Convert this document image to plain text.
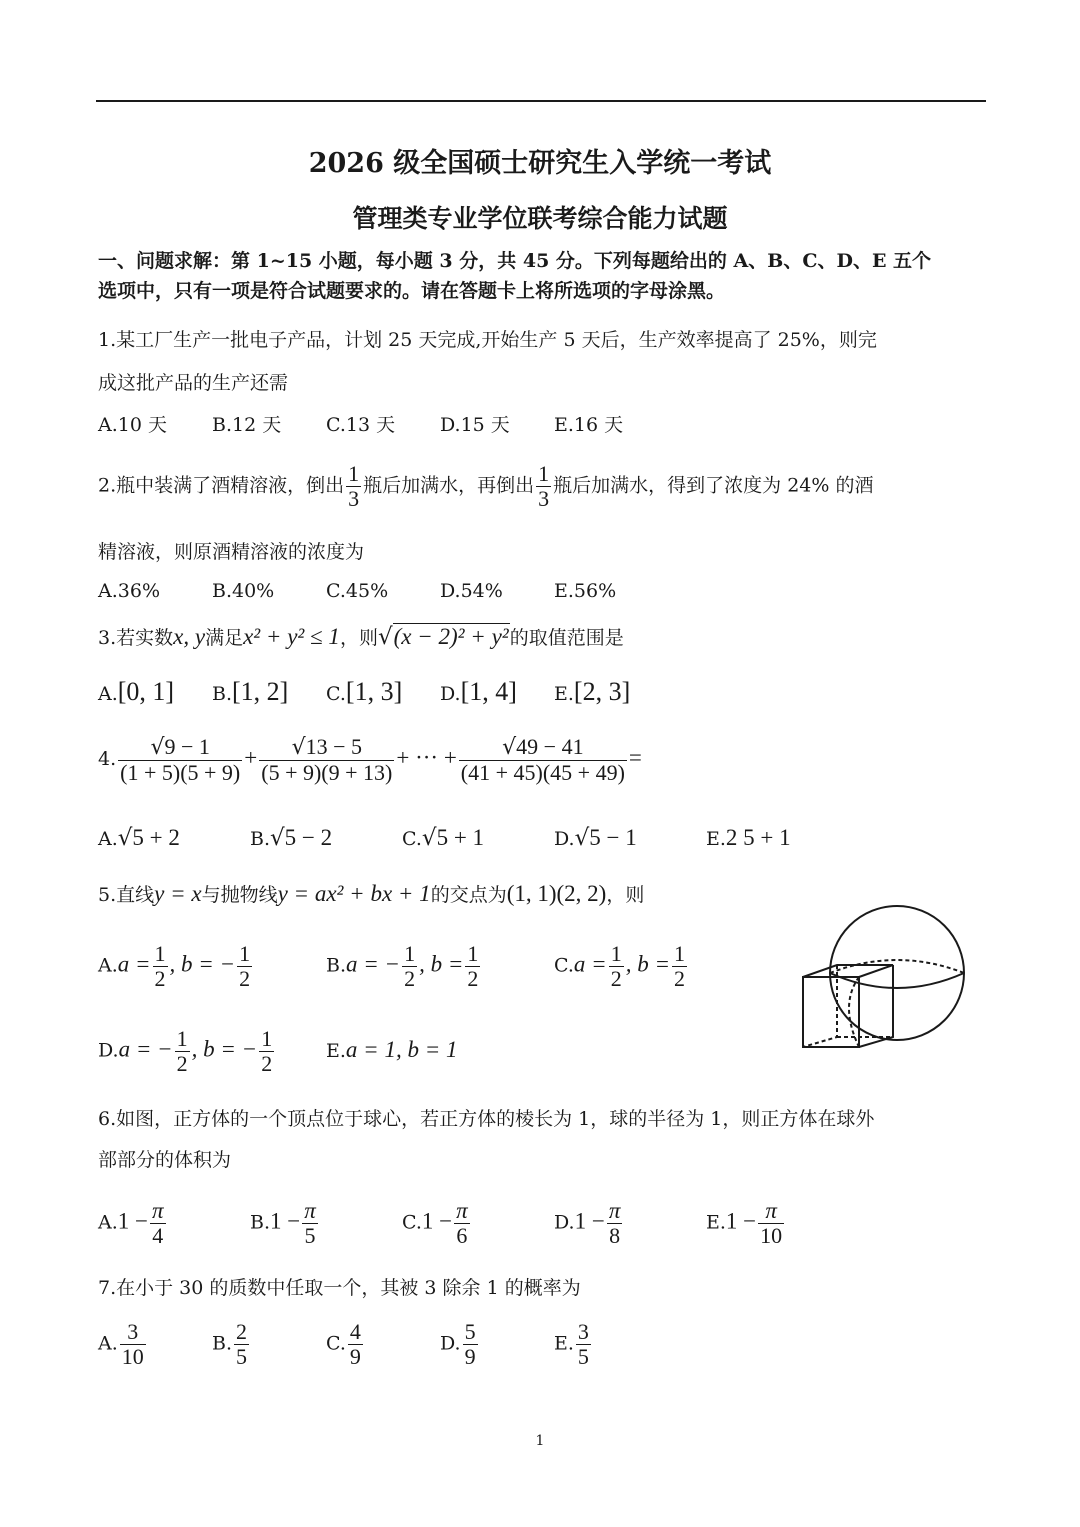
2026 级全国硕士研究生入学统一考试
管理类专业学位联考综合能力试题
一、问题求解：第 1~15 小题，每小题 3 分，共 45 分。下列每题给出的 A、B、C、D、E 五个
选项中，只有一项是符合试题要求的。请在答题卡上将所选项的字母涂黑。
1.某工厂生产一批电子产品，计划 25 天完成,开始生产 5 天后，生产效率提高了 25%，则完
成这批产品的生产还需
A.10 天 B.12 天 C.13 天 D.15 天 E.16 天
2.瓶中装满了酒精溶液，倒出 $\frac{1}{3}$ 瓶后加满水，再倒出 $\frac{1}{3}$ 瓶后加满水，得到了浓度为 24% 的酒
精溶液，则原酒精溶液的浓度为
A.36%	B.40%	C.45%	D.54%	E.56%
3.若实数x, y满足x² + y² ≤ 1，则√(x − 2)² + y²的取值范围是
A.[0, 1] B.[1, 2] C.[1, 3] D.[1, 4] E.[2, 3]
4. $\frac{√9 - 1}{(1 + 5)(5 + 9)} + \frac{√13 - 5}{(5 + 9)(9 + 13)}$ + ··· + $\frac{√49 - 41}{(41 + 45)(45 + 49)}$ =
A.√5 + 2	B.√5 − 2	C.√5 + 1	D.√5 − 1	E.2 5 + 1
5.直线y = x与抛物线y = ax² + bx + 1的交点为(1, 1)(2, 2)，则
$A.a = \frac{1}{2}$ , b = − $\frac{1}{2}$	B.a = − $\frac{1}{2}$ , $b = \frac{1}{2}$	$C.a = \frac{1}{2}$ , $b = \frac{1}{2}$
D.a = − $\frac{1}{2}$ , b = − $\frac{1}{2}$	E.a = 1, b = 1
6.如图，正方体的一个顶点位于球心，若正方体的棱长为 1，球的半径为 1，则正方体在球外
部部分的体积为
$A.1 - \frac{\pi}{4}$	$B.1 - \frac{\pi}{5}$	$C.1 - \frac{\pi}{6}$	$D.1 - \frac{\pi}{8}$	$E.1 - \frac{\pi}{10}$
7.在小于 30 的质数中任取一个，其被 3 除余 1 的概率为
A. $\frac{3}{10}$	B. $\frac{2}{5}$	C. $\frac{4}{9}$	D. $\frac{5}{9}$	E. $\frac{3}{5}$
1
